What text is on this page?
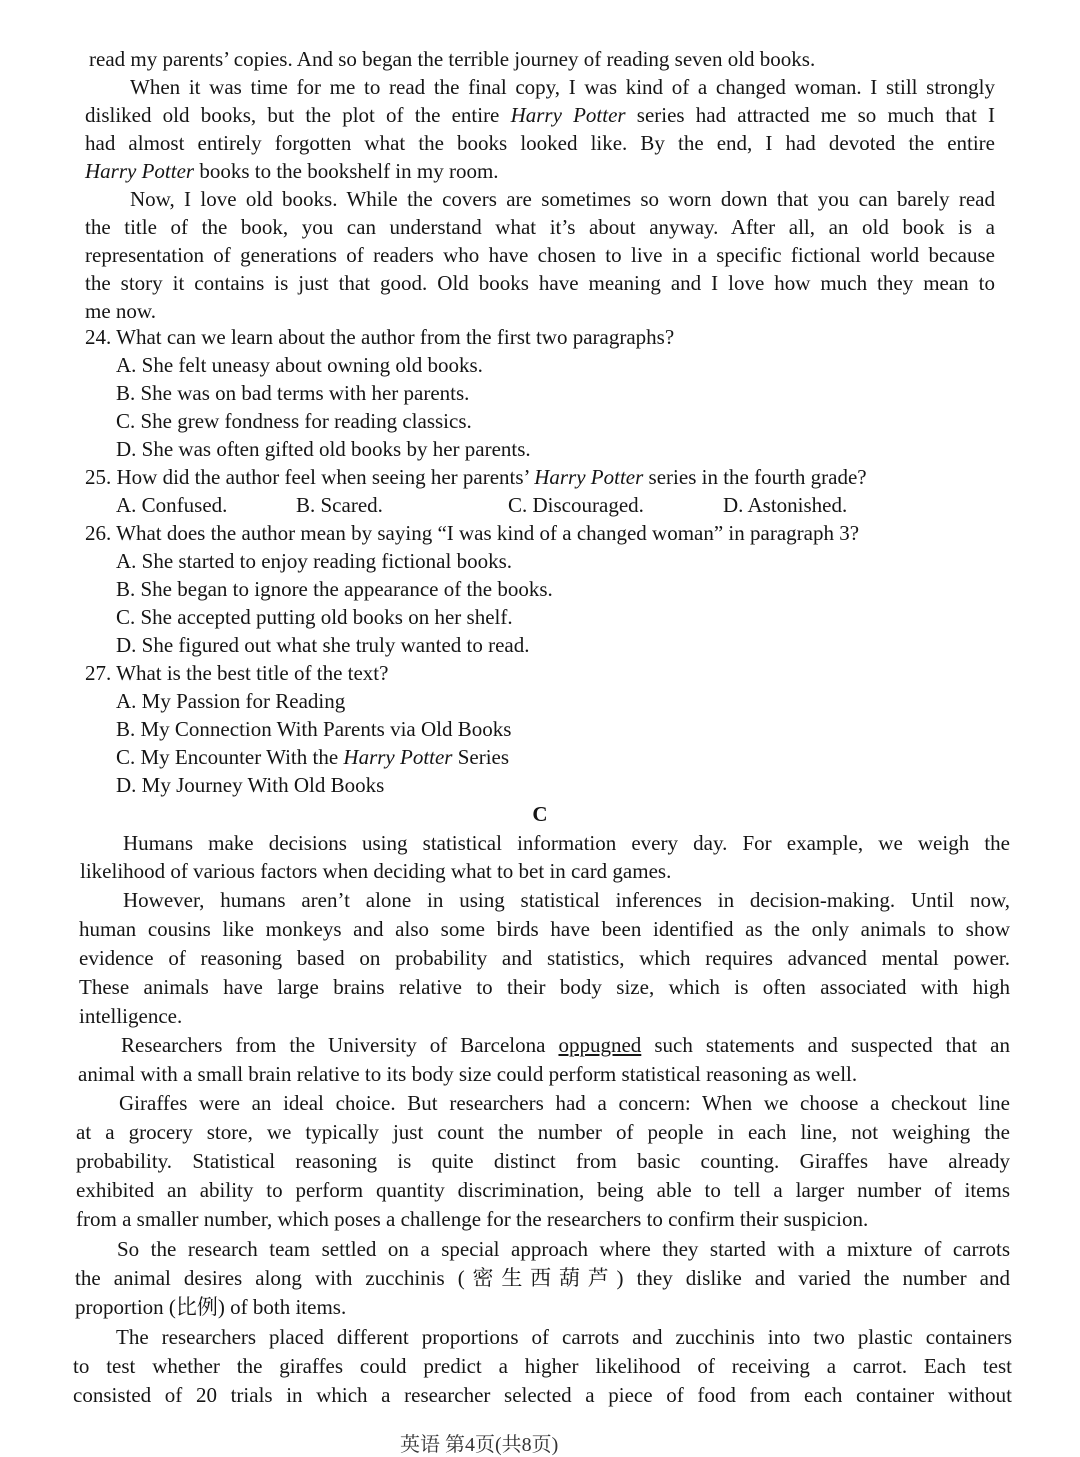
read my parents’ copies. And so began the terrible journey of reading seven old books.
When it was time for me to read the final copy, I was kind of a changed woman. I still strongly
disliked old books, but the plot of the entire Harry Potter series had attracted me so much that I
had almost entirely forgotten what the books looked like. By the end, I had devoted the entire
Harry Potter books to the bookshelf in my room.
Now, I love old books. While the covers are sometimes so worn down that you can barely read
the title of the book, you can understand what it’s about anyway. After all, an old book is a
representation of generations of readers who have chosen to live in a specific fictional world because
the story it contains is just that good. Old books have meaning and I love how much they mean to
me now.
24. What can we learn about the author from the first two paragraphs?
A. She felt uneasy about owning old books.
B. She was on bad terms with her parents.
C. She grew fondness for reading classics.
D. She was often gifted old books by her parents.
25. How did the author feel when seeing her parents’ Harry Potter series in the fourth grade?
A. Confused.	B. Scared.	C. Discouraged.	D. Astonished.
26. What does the author mean by saying “I was kind of a changed woman” in paragraph 3?
A. She started to enjoy reading fictional books.
B. She began to ignore the appearance of the books.
C. She accepted putting old books on her shelf.
D. She figured out what she truly wanted to read.
27. What is the best title of the text?
A. My Passion for Reading
B. My Connection With Parents via Old Books
C. My Encounter With the Harry Potter Series
D. My Journey With Old Books
C
Humans make decisions using statistical information every day. For example, we weigh the
likelihood of various factors when deciding what to bet in card games.
However, humans aren’t alone in using statistical inferences in decision-making. Until now,
human cousins like monkeys and also some birds have been identified as the only animals to show
evidence of reasoning based on probability and statistics, which requires advanced mental power.
These animals have large brains relative to their body size, which is often associated with high
intelligence.
Researchers from the University of Barcelona oppugned such statements and suspected that an
animal with a small brain relative to its body size could perform statistical reasoning as well.
Giraffes were an ideal choice. But researchers had a concern: When we choose a checkout line
at a grocery store, we typically just count the number of people in each line, not weighing the
probability. Statistical reasoning is quite distinct from basic counting. Giraffes have already
exhibited an ability to perform quantity discrimination, being able to tell a larger number of items
from a smaller number, which poses a challenge for the researchers to confirm their suspicion.
So the research team settled on a special approach where they started with a mixture of carrots
the animal desires along with zucchinis (密生西葫芦) they dislike and varied the number and
proportion (比例) of both items.
The researchers placed different proportions of carrots and zucchinis into two plastic containers
to test whether the giraffes could predict a higher likelihood of receiving a carrot. Each test
consisted of 20 trials in which a researcher selected a piece of food from each container without
英语 第4页(共8页)
